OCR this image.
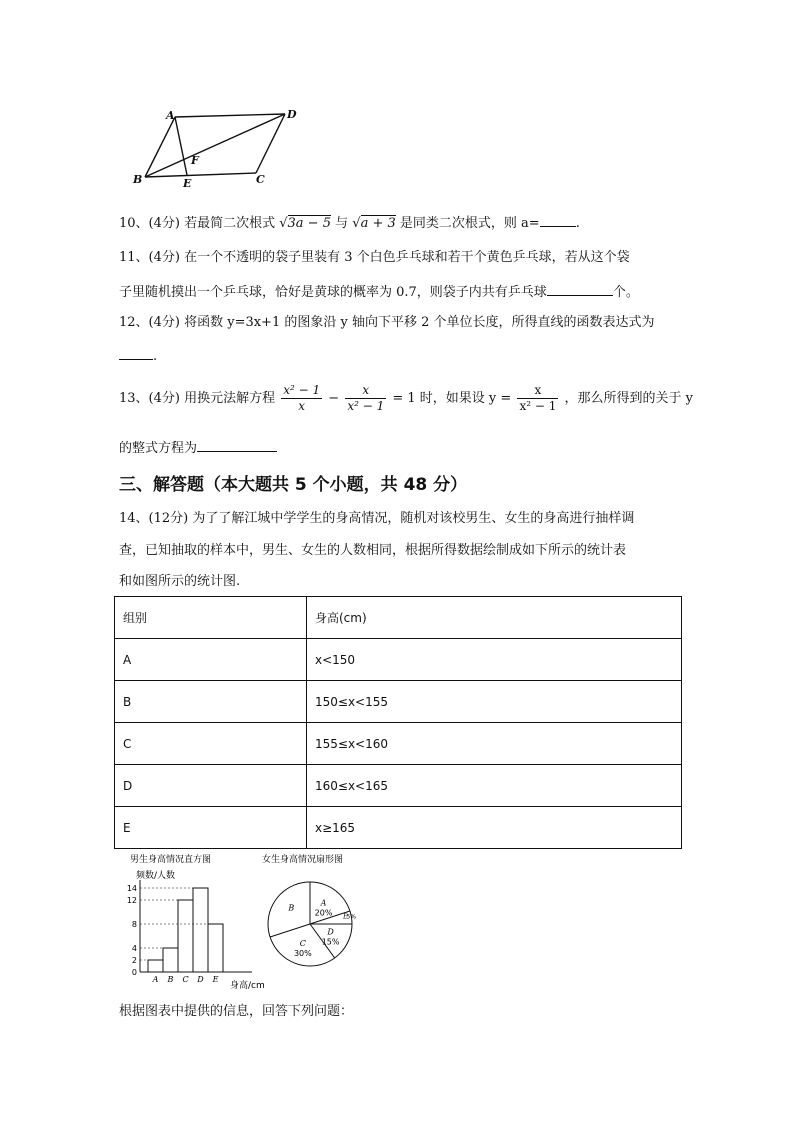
A	D
B	C
E
F
10、(4分) 若最简二次根式 √3a − 5 与 √a + 3 是同类二次根式，则 a=	.
11、(4分) 在一个不透明的袋子里装有 3 个白色乒乓球和若干个黄色乒乓球，若从这个袋
子里随机摸出一个乒乓球，恰好是黄球的概率为 0.7，则袋子内共有乒乓球	个。
12、(4分) 将函数 y=3x+1 的图象沿 y 轴向下平移 2 个单位长度，所得直线的函数表达式为
.
13、(4分) 用换元法解方程 $\frac{\text{x² − 1}}{x} - \frac{x}{\text{x² − 1}} = 1$ 时，如果设 $y = \frac{x}{\text{x² − 1}}$ ，那么所得到的关于 y
的整式方程为
三、解答题（本大题共 5 个小题，共 48 分）
14、(12分) 为了了解江城中学学生的身高情况，随机对该校男生、女生的身高进行抽样调
查，已知抽取的样本中，男生、女生的人数相同，根据所得数据绘制成如下所示的统计表
和如图所示的统计图.
组别	身高(cm)
A	x<150
B	150≤x<155
C	155≤x<160
D	160≤x<165
E	x≥165
男生身高情况直方图
频数/人数
身高/cm
0
2
4
8
12
14
A B C D E
女生身高情况扇形图
A
20% E 5%
D
15%
C
30%
B
根据图表中提供的信息，回答下列问题：
